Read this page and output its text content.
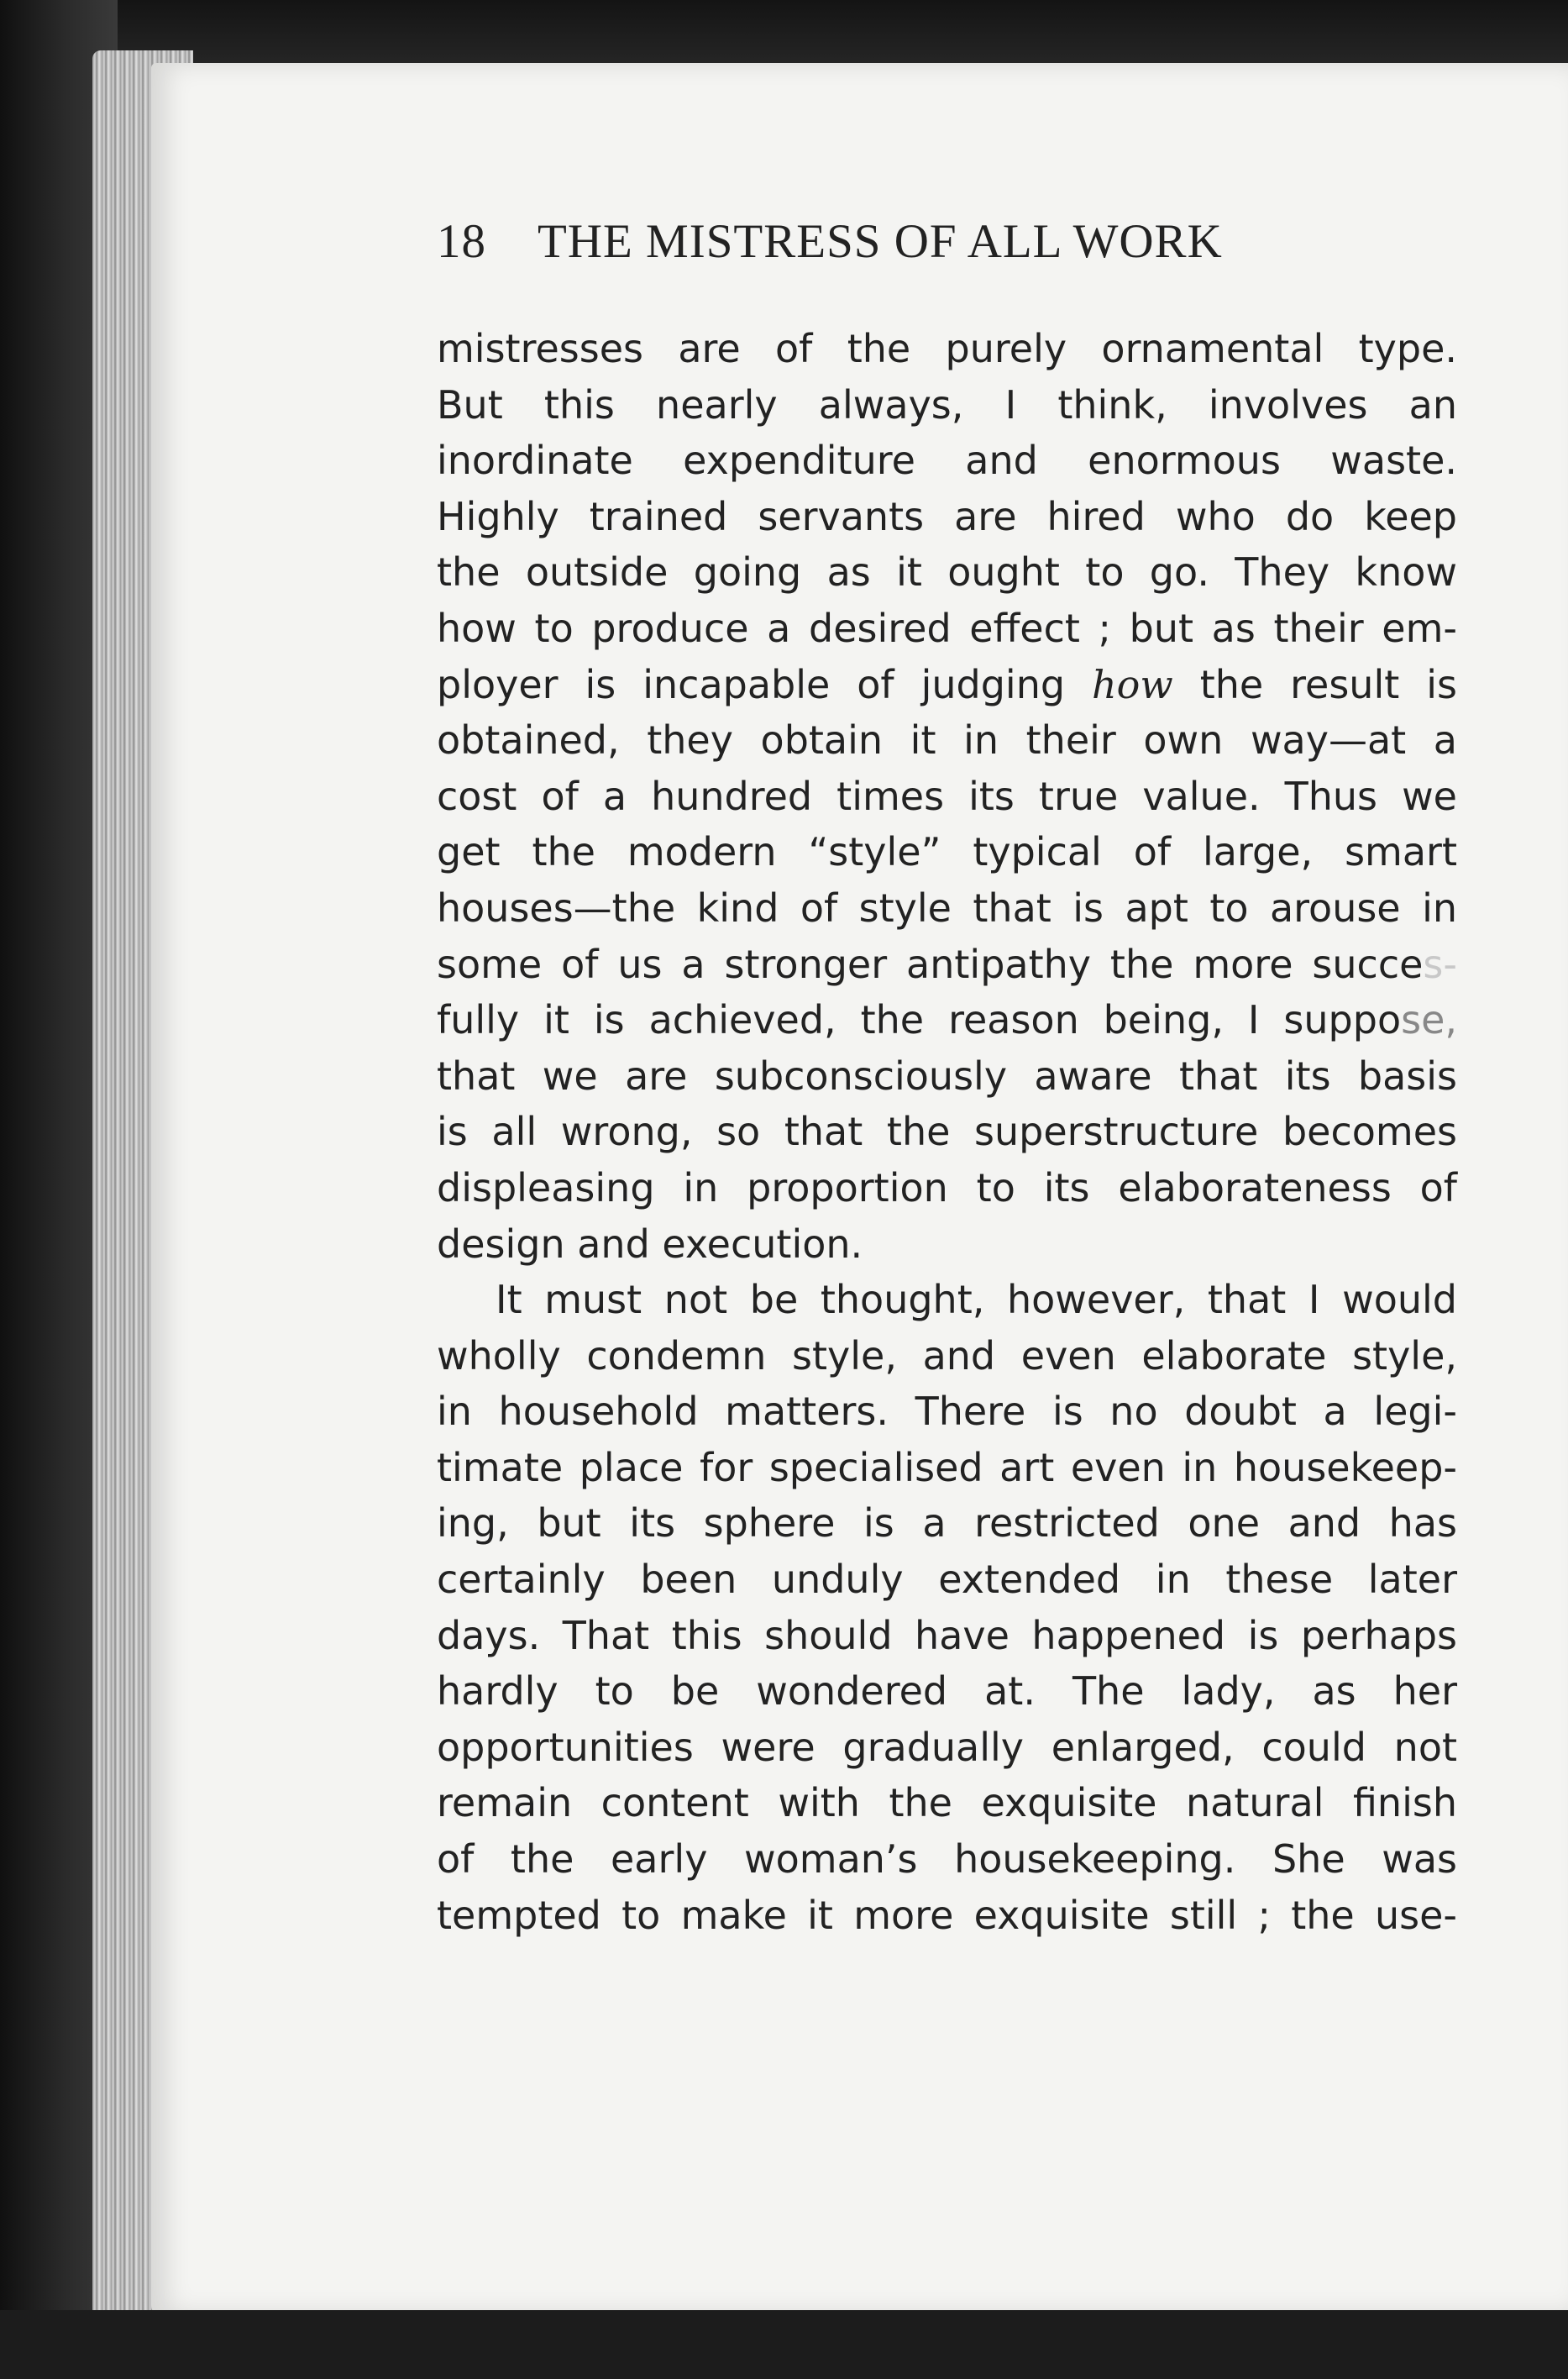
18 THE MISTRESS OF ALL WORK
mistresses are of the purely ornamental type.
But this nearly always, I think, involves an
inordinate expenditure and enormous waste.
Highly trained servants are hired who do keep
the outside going as it ought to go. They know
how to produce a desired effect ; but as their em-
ployer is incapable of judging how the result is
obtained, they obtain it in their own way—at a
cost of a hundred times its true value. Thus we
get the modern “style” typical of large, smart
houses—the kind of style that is apt to arouse in
some of us a stronger antipathy the more succes-
fully it is achieved, the reason being, I suppose,
that we are subconsciously aware that its basis
is all wrong, so that the superstructure becomes
displeasing in proportion to its elaborateness of
design and execution.
It must not be thought, however, that I would
wholly condemn style, and even elaborate style,
in household matters. There is no doubt a legi-
timate place for specialised art even in housekeep-
ing, but its sphere is a restricted one and has
certainly been unduly extended in these later
days. That this should have happened is perhaps
hardly to be wondered at. The lady, as her
opportunities were gradually enlarged, could not
remain content with the exquisite natural finish
of the early woman’s housekeeping. She was
tempted to make it more exquisite still ; the use-
